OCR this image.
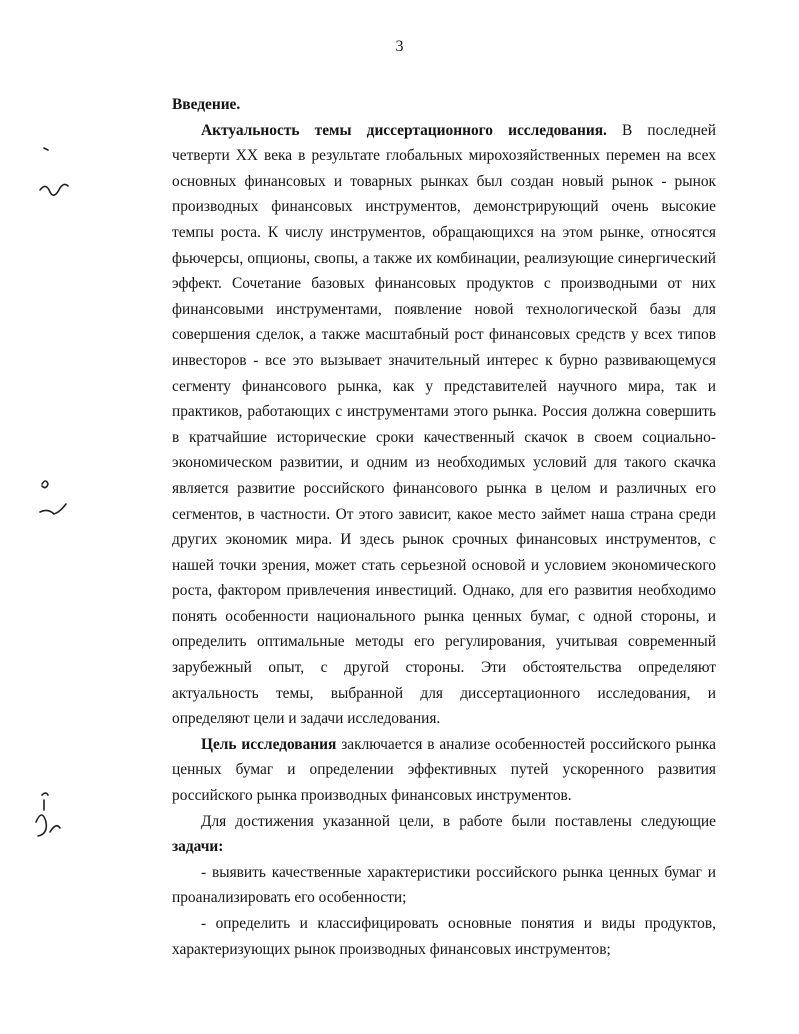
3

Введение.

Актуальность темы диссертационного исследования. В последней четверти XX века в результате глобальных мирохозяйственных перемен на всех основных финансовых и товарных рынках был создан новый рынок - рынок производных финансовых инструментов, демонстрирующий очень высокие темпы роста. К числу инструментов, обращающихся на этом рынке, относятся фьючерсы, опционы, свопы, а также их комбинации, реализующие синергический эффект. Сочетание базовых финансовых продуктов с производными от них финансовыми инструментами, появление новой технологической базы для совершения сделок, а также масштабный рост финансовых средств у всех типов инвесторов - все это вызывает значительный интерес к бурно развивающемуся сегменту финансового рынка, как у представителей научного мира, так и практиков, работающих с инструментами этого рынка. Россия должна совершить в кратчайшие исторические сроки качественный скачок в своем социально-экономическом развитии, и одним из необходимых условий для такого скачка является развитие российского финансового рынка в целом и различных его сегментов, в частности. От этого зависит, какое место займет наша страна среди других экономик мира. И здесь рынок срочных финансовых инструментов, с нашей точки зрения, может стать серьезной основой и условием экономического роста, фактором привлечения инвестиций. Однако, для его развития необходимо понять особенности национального рынка ценных бумаг, с одной стороны, и определить оптимальные методы его регулирования, учитывая современный зарубежный опыт, с другой стороны. Эти обстоятельства определяют актуальность темы, выбранной для диссертационного исследования, и определяют цели и задачи исследования.

Цель исследования заключается в анализе особенностей российского рынка ценных бумаг и определении эффективных путей ускоренного развития российского рынка производных финансовых инструментов.

Для достижения указанной цели, в работе были поставлены следующие задачи:

- выявить качественные характеристики российского рынка ценных бумаг и проанализировать его особенности;

- определить и классифицировать основные понятия и виды продуктов, характеризующих рынок производных финансовых инструментов;
